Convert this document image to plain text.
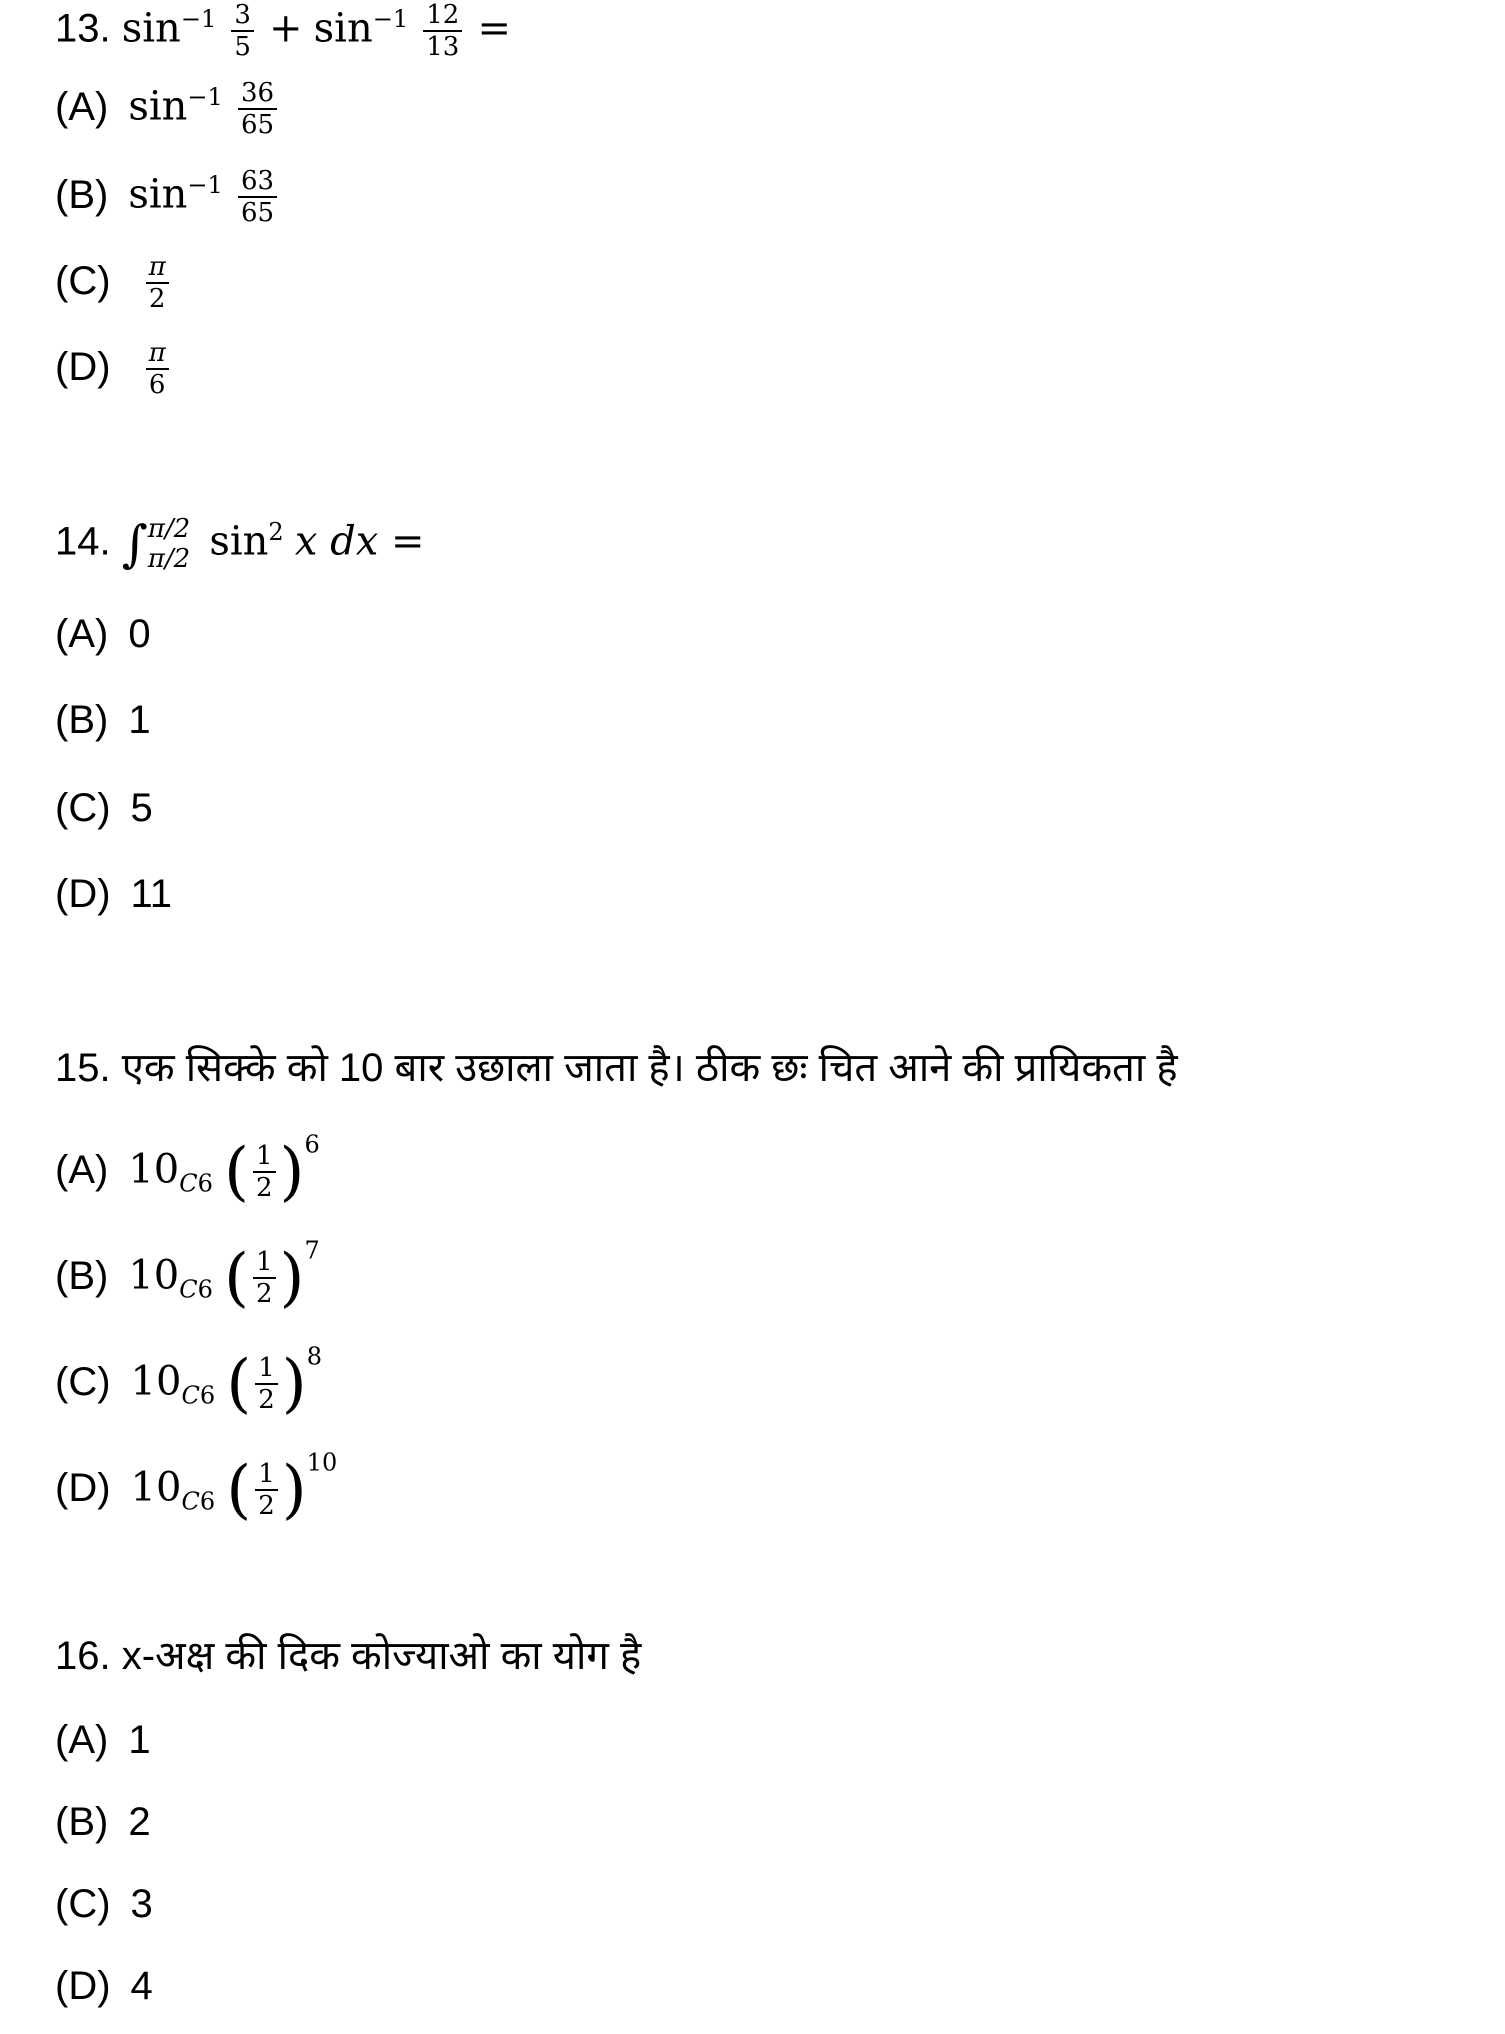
13. $\sin^{-1} \frac{3}{5} + \sin^{-1} \frac{12}{13}$ =
(A) $\sin^{-1} \frac{36}{65}$
(B) $\sin^{-1} \frac{63}{65}$
$(C) \frac{\pi}{2}$
$(D) \frac{\pi}{6}$
14. ∫ π/2
π/2 $\sin^2 x$ dx =
(A) 0
(B) 1
(C) 5
(D) 11
15. एक सिक्के को 10 बार उछाला जाता है। ठीक छः चित आने की प्रायिकता है
(A) $10_{C6}$ ( $\frac{1}{2} )^6$
(B) $10_{C6}$ ( $\frac{1}{2} )^7$
(C) $10_{C6}$ ( $\frac{1}{2} )^8$
(D) $10_{C6}$ ( $\frac{1}{2} )^{10}$
16. x-अक्ष की दिक कोज्याओ का योग है
(A) 1
(B) 2
(C) 3
(D) 4
